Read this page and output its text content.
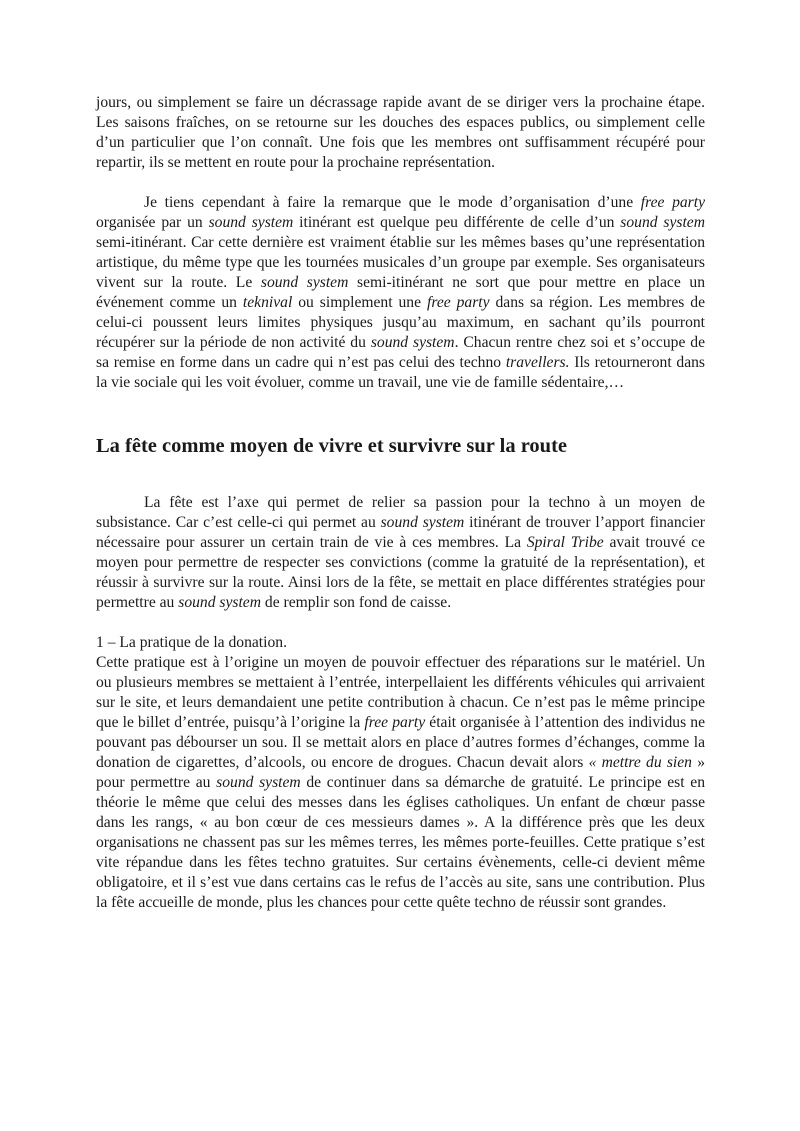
jours, ou simplement se faire un décrassage rapide avant de se diriger vers la prochaine étape. Les saisons fraîches, on se retourne sur les douches des espaces publics, ou simplement celle d’un particulier que l’on connaît. Une fois que les membres ont suffisamment récupéré pour repartir, ils se mettent en route pour la prochaine représentation.

Je tiens cependant à faire la remarque que le mode d’organisation d’une free party organisée par un sound system itinérant est quelque peu différente de celle d’un sound system semi-itinérant. Car cette dernière est vraiment établie sur les mêmes bases qu’une représentation artistique, du même type que les tournées musicales d’un groupe par exemple. Ses organisateurs vivent sur la route. Le sound system semi-itinérant ne sort que pour mettre en place un événement comme un teknival ou simplement une free party dans sa région. Les membres de celui-ci poussent leurs limites physiques jusqu’au maximum, en sachant qu’ils pourront récupérer sur la période de non activité du sound system. Chacun rentre chez soi et s’occupe de sa remise en forme dans un cadre qui n’est pas celui des techno travellers. Ils retourneront dans la vie sociale qui les voit évoluer, comme un travail, une vie de famille sédentaire,…

La fête comme moyen de vivre et survivre sur la route

La fête est l’axe qui permet de relier sa passion pour la techno à un moyen de subsistance. Car c’est celle-ci qui permet au sound system itinérant de trouver l’apport financier nécessaire pour assurer un certain train de vie à ces membres. La Spiral Tribe avait trouvé ce moyen pour permettre de respecter ses convictions (comme la gratuité de la représentation), et réussir à survivre sur la route. Ainsi lors de la fête, se mettait en place différentes stratégies pour permettre au sound system de remplir son fond de caisse.

1 – La pratique de la donation.

Cette pratique est à l’origine un moyen de pouvoir effectuer des réparations sur le matériel. Un ou plusieurs membres se mettaient à l’entrée, interpellaient les différents véhicules qui arrivaient sur le site, et leurs demandaient une petite contribution à chacun. Ce n’est pas le même principe que le billet d’entrée, puisqu’à l’origine la free party était organisée à l’attention des individus ne pouvant pas débourser un sou. Il se mettait alors en place d’autres formes d’échanges, comme la donation de cigarettes, d’alcools, ou encore de drogues. Chacun devait alors « mettre du sien » pour permettre au sound system de continuer dans sa démarche de gratuité. Le principe est en théorie le même que celui des messes dans les églises catholiques. Un enfant de chœur passe dans les rangs, « au bon cœur de ces messieurs dames ». A la différence près que les deux organisations ne chassent pas sur les mêmes terres, les mêmes porte-feuilles. Cette pratique s’est vite répandue dans les fêtes techno gratuites. Sur certains évènements, celle-ci devient même obligatoire, et il s’est vue dans certains cas le refus de l’accès au site, sans une contribution. Plus la fête accueille de monde, plus les chances pour cette quête techno de réussir sont grandes.
